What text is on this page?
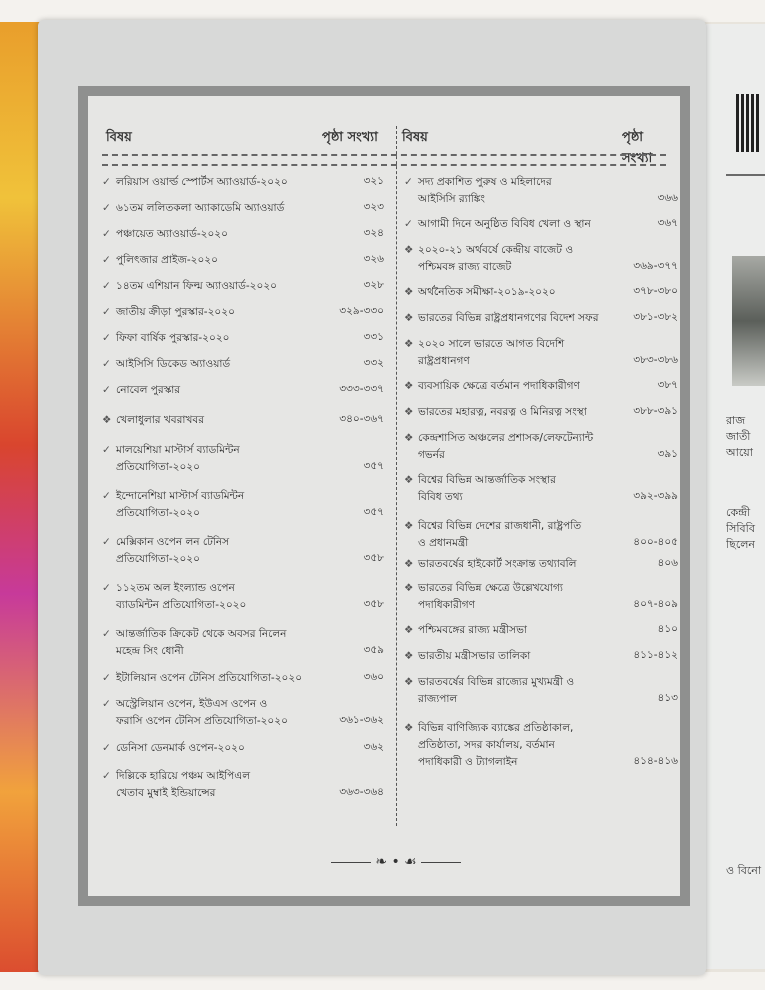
রাজ
জাতী
আয়ো
কেন্দ্রী
সিবিবি
ছিলেন
ও বিনো
বিষয়	পৃষ্ঠা সংখ্যা বিষয়	পৃষ্ঠা সংখ্যা
✓ লরিয়াস ওয়ার্ল্ড স্পোর্টস অ্যাওয়ার্ড-২০২০	৩২১
✓ ৬১তম ললিতকলা অ্যাকাডেমি অ্যাওয়ার্ড	৩২৩
✓ পঞ্চায়েত অ্যাওয়ার্ড-২০২০	৩২৪
✓ পুলিৎজার প্রাইজ-২০২০	৩২৬
✓ ১৪তম এশিয়ান ফিল্ম অ্যাওয়ার্ড-২০২০	৩২৮
✓ জাতীয় ক্রীড়া পুরস্কার-২০২০	৩২৯-৩৩০
✓ ফিফা বার্ষিক পুরস্কার-২০২০	৩৩১
✓ আইসিসি ডিকেড অ্যাওয়ার্ড	৩৩২
✓ নোবেল পুরস্কার	৩৩৩-৩৩৭
❖ খেলাধুলার খবরাখবর	৩৪০-৩৬৭
✓ মালয়েশিয়া মাস্টার্স ব্যাডমিন্টন
প্রতিযোগিতা-২০২০	৩৫৭
✓ ইন্দোনেশিয়া মাস্টার্স ব্যাডমিন্টন
প্রতিযোগিতা-২০২০	৩৫৭
✓ মেক্সিকান ওপেন লন টেনিস
প্রতিযোগিতা-২০২০	৩৫৮
✓ ১১২তম অল ইংল্যান্ড ওপেন
ব্যাডমিন্টন প্রতিযোগিতা-২০২০	৩৫৮
✓ আন্তর্জাতিক ক্রিকেট থেকে অবসর নিলেন
মহেন্দ্র সিং ধোনী	৩৫৯
✓ ইটালিয়ান ওপেন টেনিস প্রতিযোগিতা-২০২০	৩৬০
✓ অস্ট্রেলিয়ান ওপেন, ইউএস ওপেন ও
ফরাসি ওপেন টেনিস প্রতিযোগিতা-২০২০	৩৬১-৩৬২
✓ ডেনিসা ডেনমার্ক ওপেন-২০২০	৩৬২
✓ দিল্লিকে হারিয়ে পঞ্চম আইপিএল
খেতাব মুম্বাই ইন্ডিয়ান্সের	৩৬৩-৩৬৪
✓ সদ্য প্রকাশিত পুরুষ ও মহিলাদের
আইসিসি র‍্যাঙ্কিং	৩৬৬
✓ আগামী দিনে অনুষ্ঠিত বিবিধ খেলা ও স্থান	৩৬৭
❖ ২০২০-২১ অর্থবর্ষে কেন্দ্রীয় বাজেট ও
পশ্চিমবঙ্গ রাজ্য বাজেট	৩৬৯-৩৭৭
❖ অর্থনৈতিক সমীক্ষা-২০১৯-২০২০	৩৭৮-৩৮০
❖ ভারতের বিভিন্ন রাষ্ট্রপ্রধানগণের বিদেশ সফর	৩৮১-৩৮২
❖ ২০২০ সালে ভারতে আগত বিদেশি
রাষ্ট্রপ্রধানগণ	৩৮৩-৩৮৬
❖ ব্যবসায়িক ক্ষেত্রে বর্তমান পদাধিকারীগণ	৩৮৭
❖ ভারতের মহারত্ন, নবরত্ন ও মিনিরত্ন সংস্থা	৩৮৮-৩৯১
❖ কেন্দ্রশাসিত অঞ্চলের প্রশাসক/লেফটেন্যান্ট
গভর্নর	৩৯১
❖ বিশ্বের বিভিন্ন আন্তর্জাতিক সংস্থার
বিবিধ তথ্য	৩৯২-৩৯৯
❖ বিশ্বের বিভিন্ন দেশের রাজধানী, রাষ্ট্রপতি
ও প্রধানমন্ত্রী	৪০০-৪০৫
❖ ভারতবর্ষের হাইকোর্ট সংক্রান্ত তথ্যাবলি	৪০৬
❖ ভারতের বিভিন্ন ক্ষেত্রে উল্লেখযোগ্য
পদাধিকারীগণ	৪০৭-৪০৯
❖ পশ্চিমবঙ্গের রাজ্য মন্ত্রীসভা	৪১০
❖ ভারতীয় মন্ত্রীসভার তালিকা	৪১১-৪১২
❖ ভারতবর্ষের বিভিন্ন রাজ্যের মুখ্যমন্ত্রী ও
রাজ্যপাল	৪১৩
❖ বিভিন্ন বাণিজ্যিক ব্যাঙ্কের প্রতিষ্ঠাকাল,
প্রতিষ্ঠাতা, সদর কার্যালয়, বর্তমান
পদাধিকারী ও ট্যাগলাইন	৪১৪-৪১৬
❧ • ☙
